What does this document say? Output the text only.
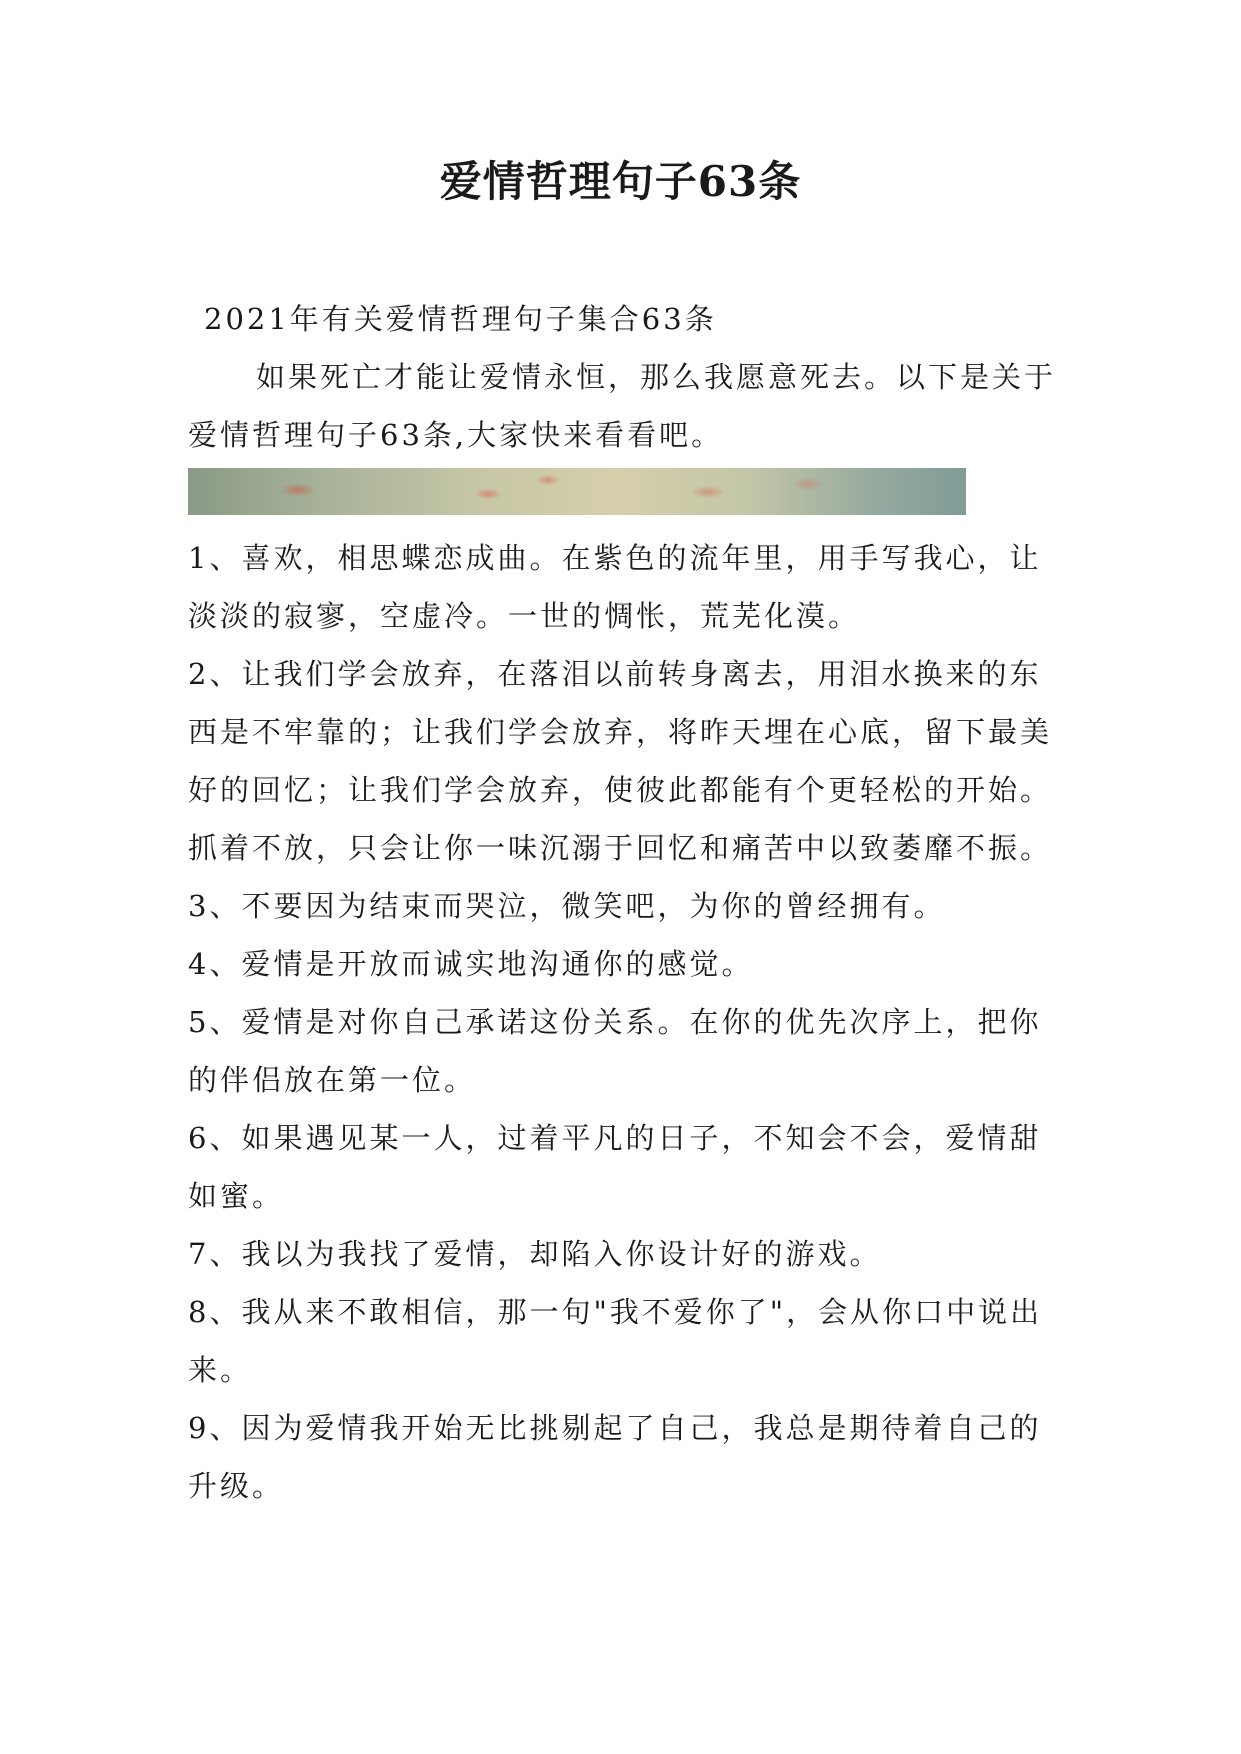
爱情哲理句子63条

2021年有关爱情哲理句子集合63条

如果死亡才能让爱情永恒，那么我愿意死去。以下是关于爱情哲理句子63条,大家快来看看吧。

1、喜欢，相思蝶恋成曲。在紫色的流年里，用手写我心，让淡淡的寂寥，空虚冷。一世的惆怅，荒芜化漠。

2、让我们学会放弃，在落泪以前转身离去，用泪水换来的东西是不牢靠的；让我们学会放弃，将昨天埋在心底，留下最美好的回忆；让我们学会放弃，使彼此都能有个更轻松的开始。抓着不放，只会让你一味沉溺于回忆和痛苦中以致萎靡不振。

3、不要因为结束而哭泣，微笑吧，为你的曾经拥有。

4、爱情是开放而诚实地沟通你的感觉。

5、爱情是对你自己承诺这份关系。在你的优先次序上，把你的伴侣放在第一位。

6、如果遇见某一人，过着平凡的日子，不知会不会，爱情甜如蜜。

7、我以为我找了爱情，却陷入你设计好的游戏。

8、我从来不敢相信，那一句"我不爱你了"，会从你口中说出来。

9、因为爱情我开始无比挑剔起了自己，我总是期待着自己的升级。
